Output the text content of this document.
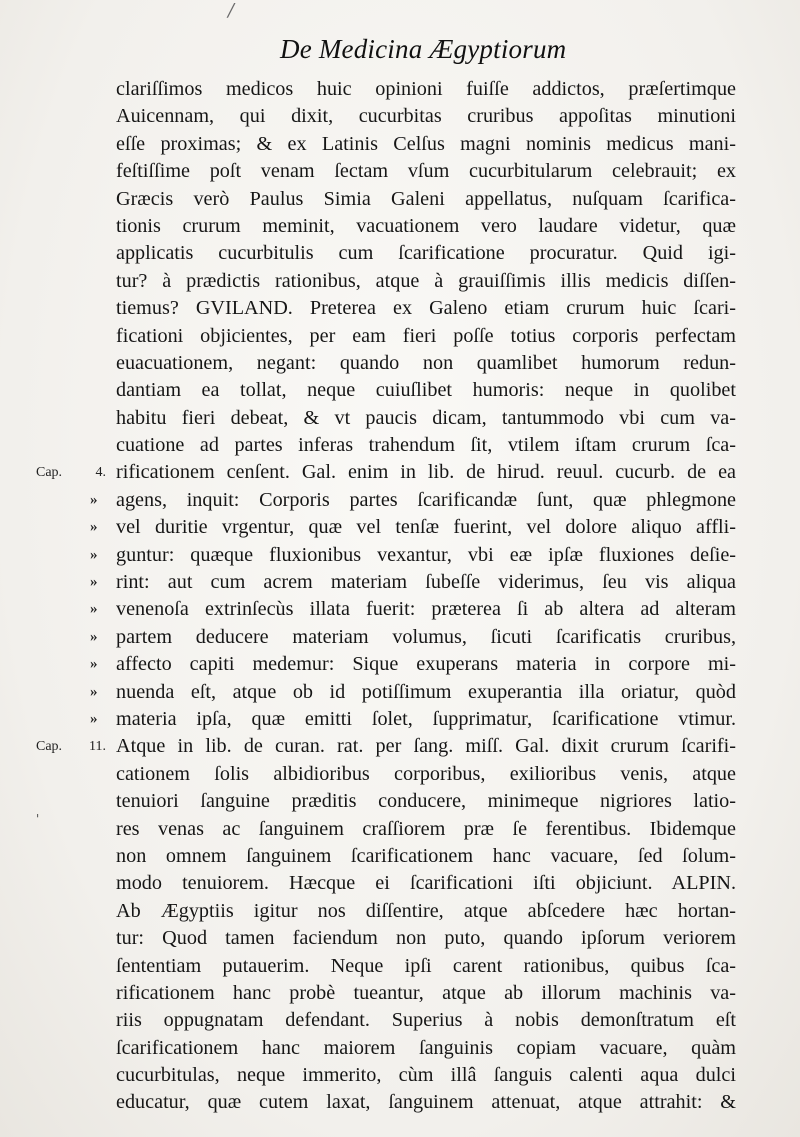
/
De Medicina Ægyptiorum
clariſſimos medicos huic opinioni fuiſſe addictos, præſertimque
Auicennam, qui dixit, cucurbitas cruribus appoſitas minutioni
eſſe proximas; & ex Latinis Celſus magni nominis medicus mani-
feſtiſſime poſt venam ſectam vſum cucurbitularum celebrauit; ex
Græcis verò Paulus Simia Galeni appellatus, nuſquam ſcarifica-
tionis crurum meminit, vacuationem vero laudare videtur, quæ
applicatis cucurbitulis cum ſcarificatione procuratur. Quid igi-
tur? à prædictis rationibus, atque à grauiſſimis illis medicis diſſen-
tiemus? GVILAND. Preterea ex Galeno etiam crurum huic ſcari-
ficationi objicientes, per eam fieri poſſe totius corporis perfectam
euacuationem, negant: quando non quamlibet humorum redun-
dantiam ea tollat, neque cuiuſlibet humoris: neque in quolibet
habitu fieri debeat, & vt paucis dicam, tantummodo vbi cum va-
cuatione ad partes inferas trahendum ſit, vtilem iſtam crurum ſca-
Cap. 4. rificationem cenſent. Gal. enim in lib. de hirud. reuul. cucurb. de ea
» agens, inquit: Corporis partes ſcarificandæ ſunt, quæ phlegmone
» vel duritie vrgentur, quæ vel tenſæ fuerint, vel dolore aliquo affli-
» guntur: quæque fluxionibus vexantur, vbi eæ ipſæ fluxiones deſie-
» rint: aut cum acrem materiam ſubeſſe viderimus, ſeu vis aliqua
» venenoſa extrinſecùs illata fuerit: præterea ſi ab altera ad alteram
» partem deducere materiam volumus, ſicuti ſcarificatis cruribus,
» affecto capiti medemur: Sique exuperans materia in corpore mi-
» nuenda eſt, atque ob id potiſſimum exuperantia illa oriatur, quòd
» materia ipſa, quæ emitti ſolet, ſupprimatur, ſcarificatione vtimur.
Cap. 11. Atque in lib. de curan. rat. per ſang. miſſ. Gal. dixit crurum ſcarifi-
cationem ſolis albidioribus corporibus, exilioribus venis, atque
tenuiori ſanguine præditis conducere, minimeque nigriores latio-
res venas ac ſanguinem craſſiorem præ ſe ferentibus. Ibidemque
non omnem ſanguinem ſcarificationem hanc vacuare, ſed ſolum-
modo tenuiorem. Hæcque ei ſcarificationi iſti objiciunt. ALPIN.
Ab Ægyptiis igitur nos diſſentire, atque abſcedere hæc hortan-
tur: Quod tamen faciendum non puto, quando ipſorum veriorem
ſententiam putauerim. Neque ipſi carent rationibus, quibus ſca-
rificationem hanc probè tueantur, atque ab illorum machinis va-
riis oppugnatam defendant. Superius à nobis demonſtratum eſt
ſcarificationem hanc maiorem ſanguinis copiam vacuare, quàm
cucurbitulas, neque immerito, cùm illâ ſanguis calenti aqua dulci
educatur, quæ cutem laxat, ſanguinem attenuat, atque attrahit: &
'
